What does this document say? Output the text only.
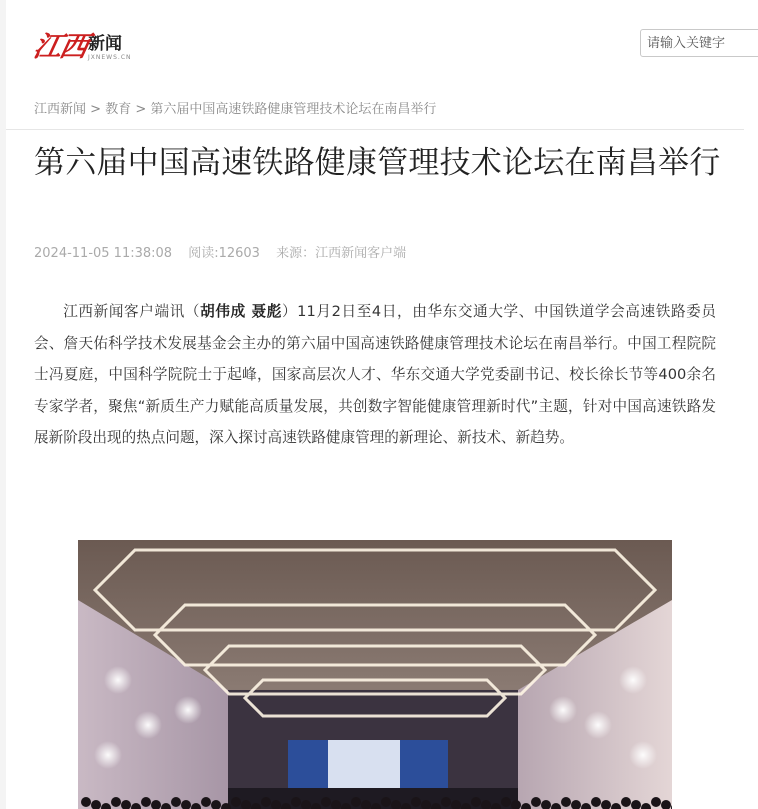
江西
新闻
JXNEWS.CN
请输入关键字
江西新闻 > 教育 > 第六届中国高速铁路健康管理技术论坛在南昌举行
第六届中国高速铁路健康管理技术论坛在南昌举行
2024-11-05 11:38:08 阅读:12603 来源：江西新闻客户端

江西新闻客户端讯（胡伟成 聂彪）11月2日至4日，由华东交通大学、中国铁道学会高速铁路委员会、詹天佑科学技术发展基金会主办的第六届中国高速铁路健康管理技术论坛在南昌举行。中国工程院院士冯夏庭，中国科学院院士于起峰，国家高层次人才、华东交通大学党委副书记、校长徐长节等400余名专家学者，聚焦“新质生产力赋能高质量发展，共创数字智能健康管理新时代”主题，针对中国高速铁路发展新阶段出现的热点问题，深入探讨高速铁路健康管理的新理论、新技术、新趋势。
